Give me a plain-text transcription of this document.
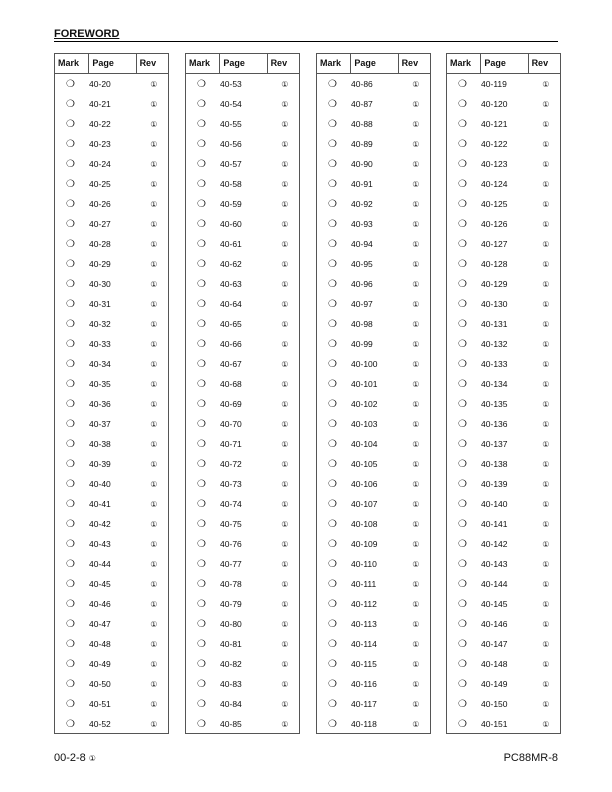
FOREWORD
Mark	Page	Rev
❍	40-20	①
❍	40-21	①
❍	40-22	①
❍	40-23	①
❍	40-24	①
❍	40-25	①
❍	40-26	①
❍	40-27	①
❍	40-28	①
❍	40-29	①
❍	40-30	①
❍	40-31	①
❍	40-32	①
❍	40-33	①
❍	40-34	①
❍	40-35	①
❍	40-36	①
❍	40-37	①
❍	40-38	①
❍	40-39	①
❍	40-40	①
❍	40-41	①
❍	40-42	①
❍	40-43	①
❍	40-44	①
❍	40-45	①
❍	40-46	①
❍	40-47	①
❍	40-48	①
❍	40-49	①
❍	40-50	①
❍	40-51	①
❍	40-52	①
Mark	Page	Rev
❍	40-53	①
❍	40-54	①
❍	40-55	①
❍	40-56	①
❍	40-57	①
❍	40-58	①
❍	40-59	①
❍	40-60	①
❍	40-61	①
❍	40-62	①
❍	40-63	①
❍	40-64	①
❍	40-65	①
❍	40-66	①
❍	40-67	①
❍	40-68	①
❍	40-69	①
❍	40-70	①
❍	40-71	①
❍	40-72	①
❍	40-73	①
❍	40-74	①
❍	40-75	①
❍	40-76	①
❍	40-77	①
❍	40-78	①
❍	40-79	①
❍	40-80	①
❍	40-81	①
❍	40-82	①
❍	40-83	①
❍	40-84	①
❍	40-85	①
Mark	Page	Rev
❍	40-86	①
❍	40-87	①
❍	40-88	①
❍	40-89	①
❍	40-90	①
❍	40-91	①
❍	40-92	①
❍	40-93	①
❍	40-94	①
❍	40-95	①
❍	40-96	①
❍	40-97	①
❍	40-98	①
❍	40-99	①
❍	40-100	①
❍	40-101	①
❍	40-102	①
❍	40-103	①
❍	40-104	①
❍	40-105	①
❍	40-106	①
❍	40-107	①
❍	40-108	①
❍	40-109	①
❍	40-110	①
❍	40-111	①
❍	40-112	①
❍	40-113	①
❍	40-114	①
❍	40-115	①
❍	40-116	①
❍	40-117	①
❍	40-118	①
Mark	Page	Rev
❍	40-119	①
❍	40-120	①
❍	40-121	①
❍	40-122	①
❍	40-123	①
❍	40-124	①
❍	40-125	①
❍	40-126	①
❍	40-127	①
❍	40-128	①
❍	40-129	①
❍	40-130	①
❍	40-131	①
❍	40-132	①
❍	40-133	①
❍	40-134	①
❍	40-135	①
❍	40-136	①
❍	40-137	①
❍	40-138	①
❍	40-139	①
❍	40-140	①
❍	40-141	①
❍	40-142	①
❍	40-143	①
❍	40-144	①
❍	40-145	①
❍	40-146	①
❍	40-147	①
❍	40-148	①
❍	40-149	①
❍	40-150	①
❍	40-151	①
00-2-8 ①	PC88MR-8
